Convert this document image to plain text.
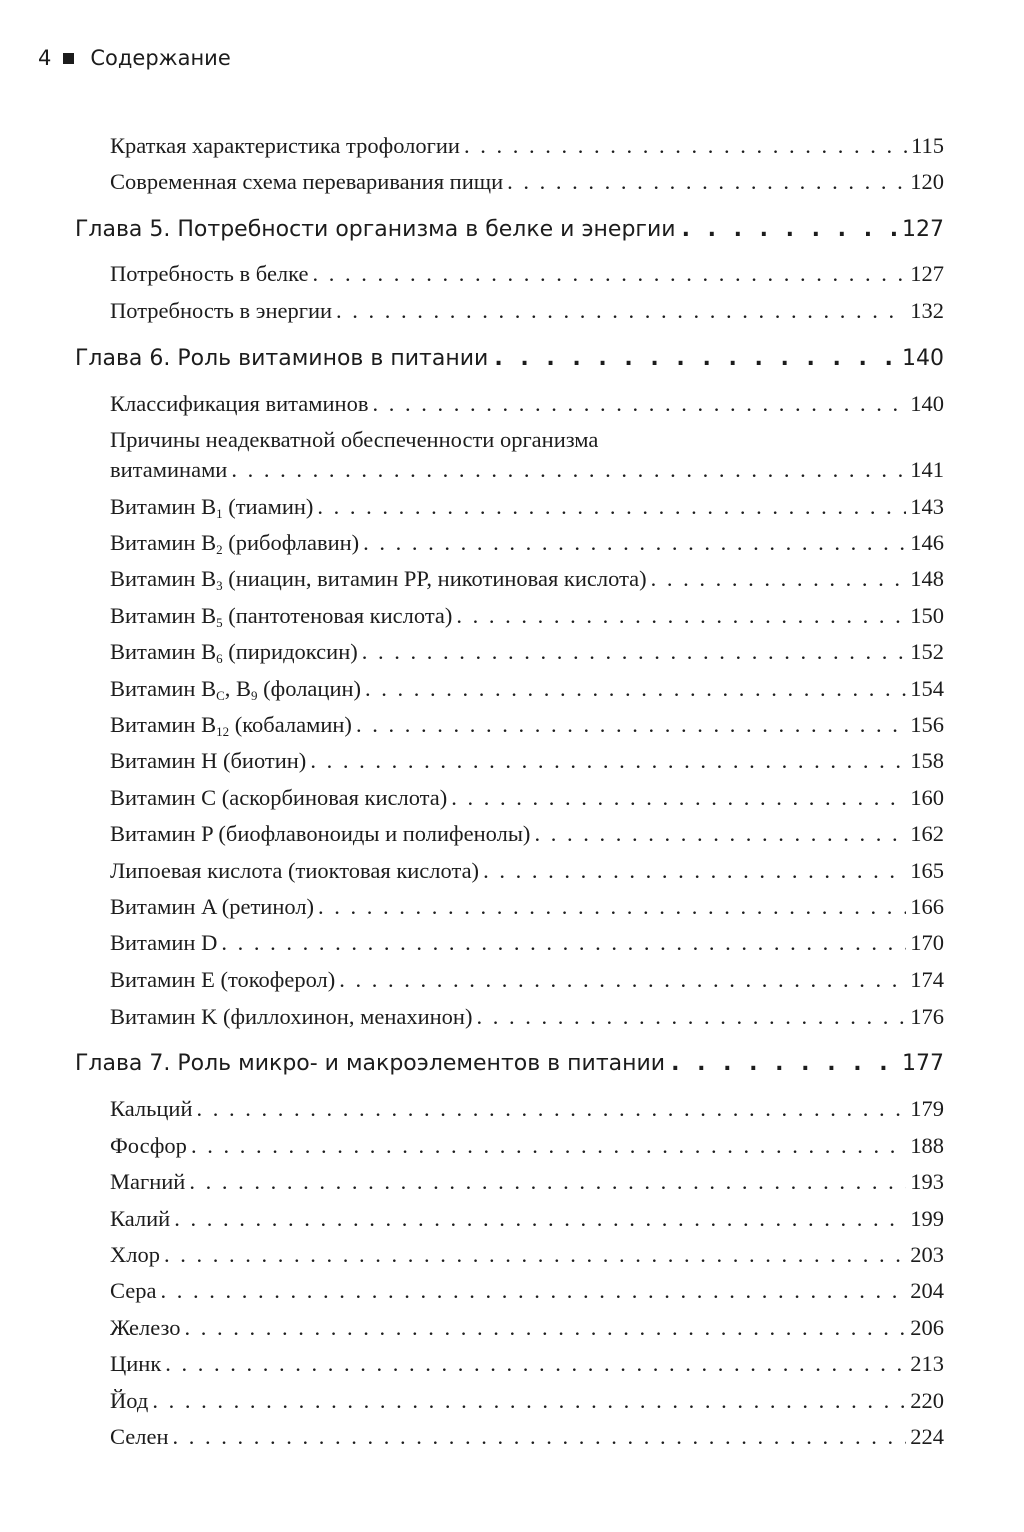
4 Содержание
Краткая характеристика трофологии . . .	115
Современная схема переваривания пищи . . .	120
Глава 5. Потребности организма в белке и энергии . . .	127
Потребность в белке . . .	127
Потребность в энергии . . .	132
Глава 6. Роль витаминов в питании . . .	140
Классификация витаминов . . .	140
Причины неадекватной обеспеченности организма
витаминами . . .	141
Витамин $B_1$ (тиамин) . . .	143
Витамин $B_2$ (рибофлавин) . . .	146
Витамин $B_3$ (ниацин, витамин PP, никотиновая кислота) . . .	148
Витамин $B_5$ (пантотеновая кислота) . . .	150
Витамин $B_6$ (пиридоксин) . . .	152
Витамин $B_C$, $B_9$ (фолацин) . . .	154
Витамин $B_{12}$ (кобаламин) . . .	156
Витамин H (биотин) . . .	158
Витамин C (аскорбиновая кислота) . . .	160
Витамин P (биофлавоноиды и полифенолы) . . .	162
Липоевая кислота (тиоктовая кислота) . . .	165
Витамин A (ретинол) . . .	166
Витамин D . . .	170
Витамин E (токоферол) . . .	174
Витамин K (филлохинон, менахинон) . . .	176
Глава 7. Роль микро- и макроэлементов в питании . . .	177
Кальций . . .	179
Фосфор . . .	188
Магний . . .	193
Калий . . .	199
Хлор . . .	203
Сера . . .	204
Железо . . .	206
Цинк . . .	213
Йод . . .	220
Селен . . .	224
